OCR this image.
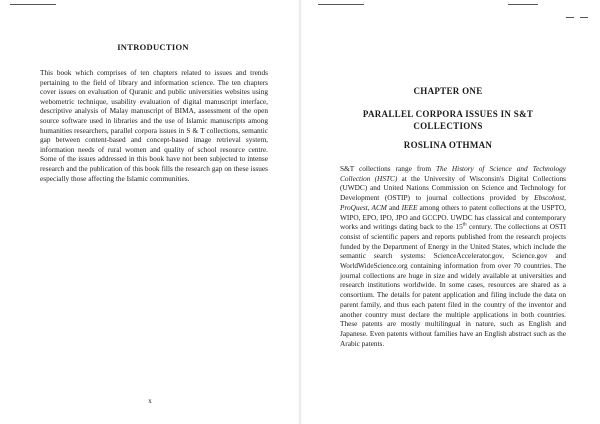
INTRODUCTION
This book which comprises of ten chapters related to issues and trends pertaining to the field of library and information science. The ten chapters cover issues on evaluation of Quranic and public universities websites using webometric technique, usability evaluation of digital manuscript interface, descriptive analysis of Malay manuscript of BIMA, assessment of the open source software used in libraries and the use of Islamic manuscripts among humanities researchers, parallel corpora issues in S & T collections, semantic gap between content-based and concept-based image retrieval system, information needs of rural women and quality of school resource centre. Some of the issues addressed in this book have not been subjected to intense research and the publication of this book fills the research gap on these issues especially those affecting the Islamic communities.
x
CHAPTER ONE
PARALLEL CORPORA ISSUES IN S&T
COLLECTIONS
ROSLINA OTHMAN
S&T collections range from The History of Science and Technology Collection (HSTC) at the University of Wisconsin's Digital Collections (UWDC) and United Nations Commission on Science and Technology for Development (OSTIP) to journal collections provided by Ebscohost, ProQuest, ACM and IEEE among others to patent collections at the USPTO, WIPO, EPO, IPO, JPO and GCCPO. UWDC has classical and contemporary works and writings dating back to the 15th century. The collections at OSTI consist of scientific papers and reports published from the research projects funded by the Department of Energy in the United States, which include the semantic search systems: ScienceAccelerator.gov, Science.gov and WorldWideScience.org containing information from over 70 countries. The journal collections are huge in size and widely available at universities and research institutions worldwide. In some cases, resources are shared as a consortium. The details for patent application and filing include the data on parent family, and thus each patent filed in the country of the inventor and another country must declare the multiple applications in both countries. These patents are mostly multilingual in nature, such as English and Japanese. Even patents without families have an English abstract such as the Arabic patents.
